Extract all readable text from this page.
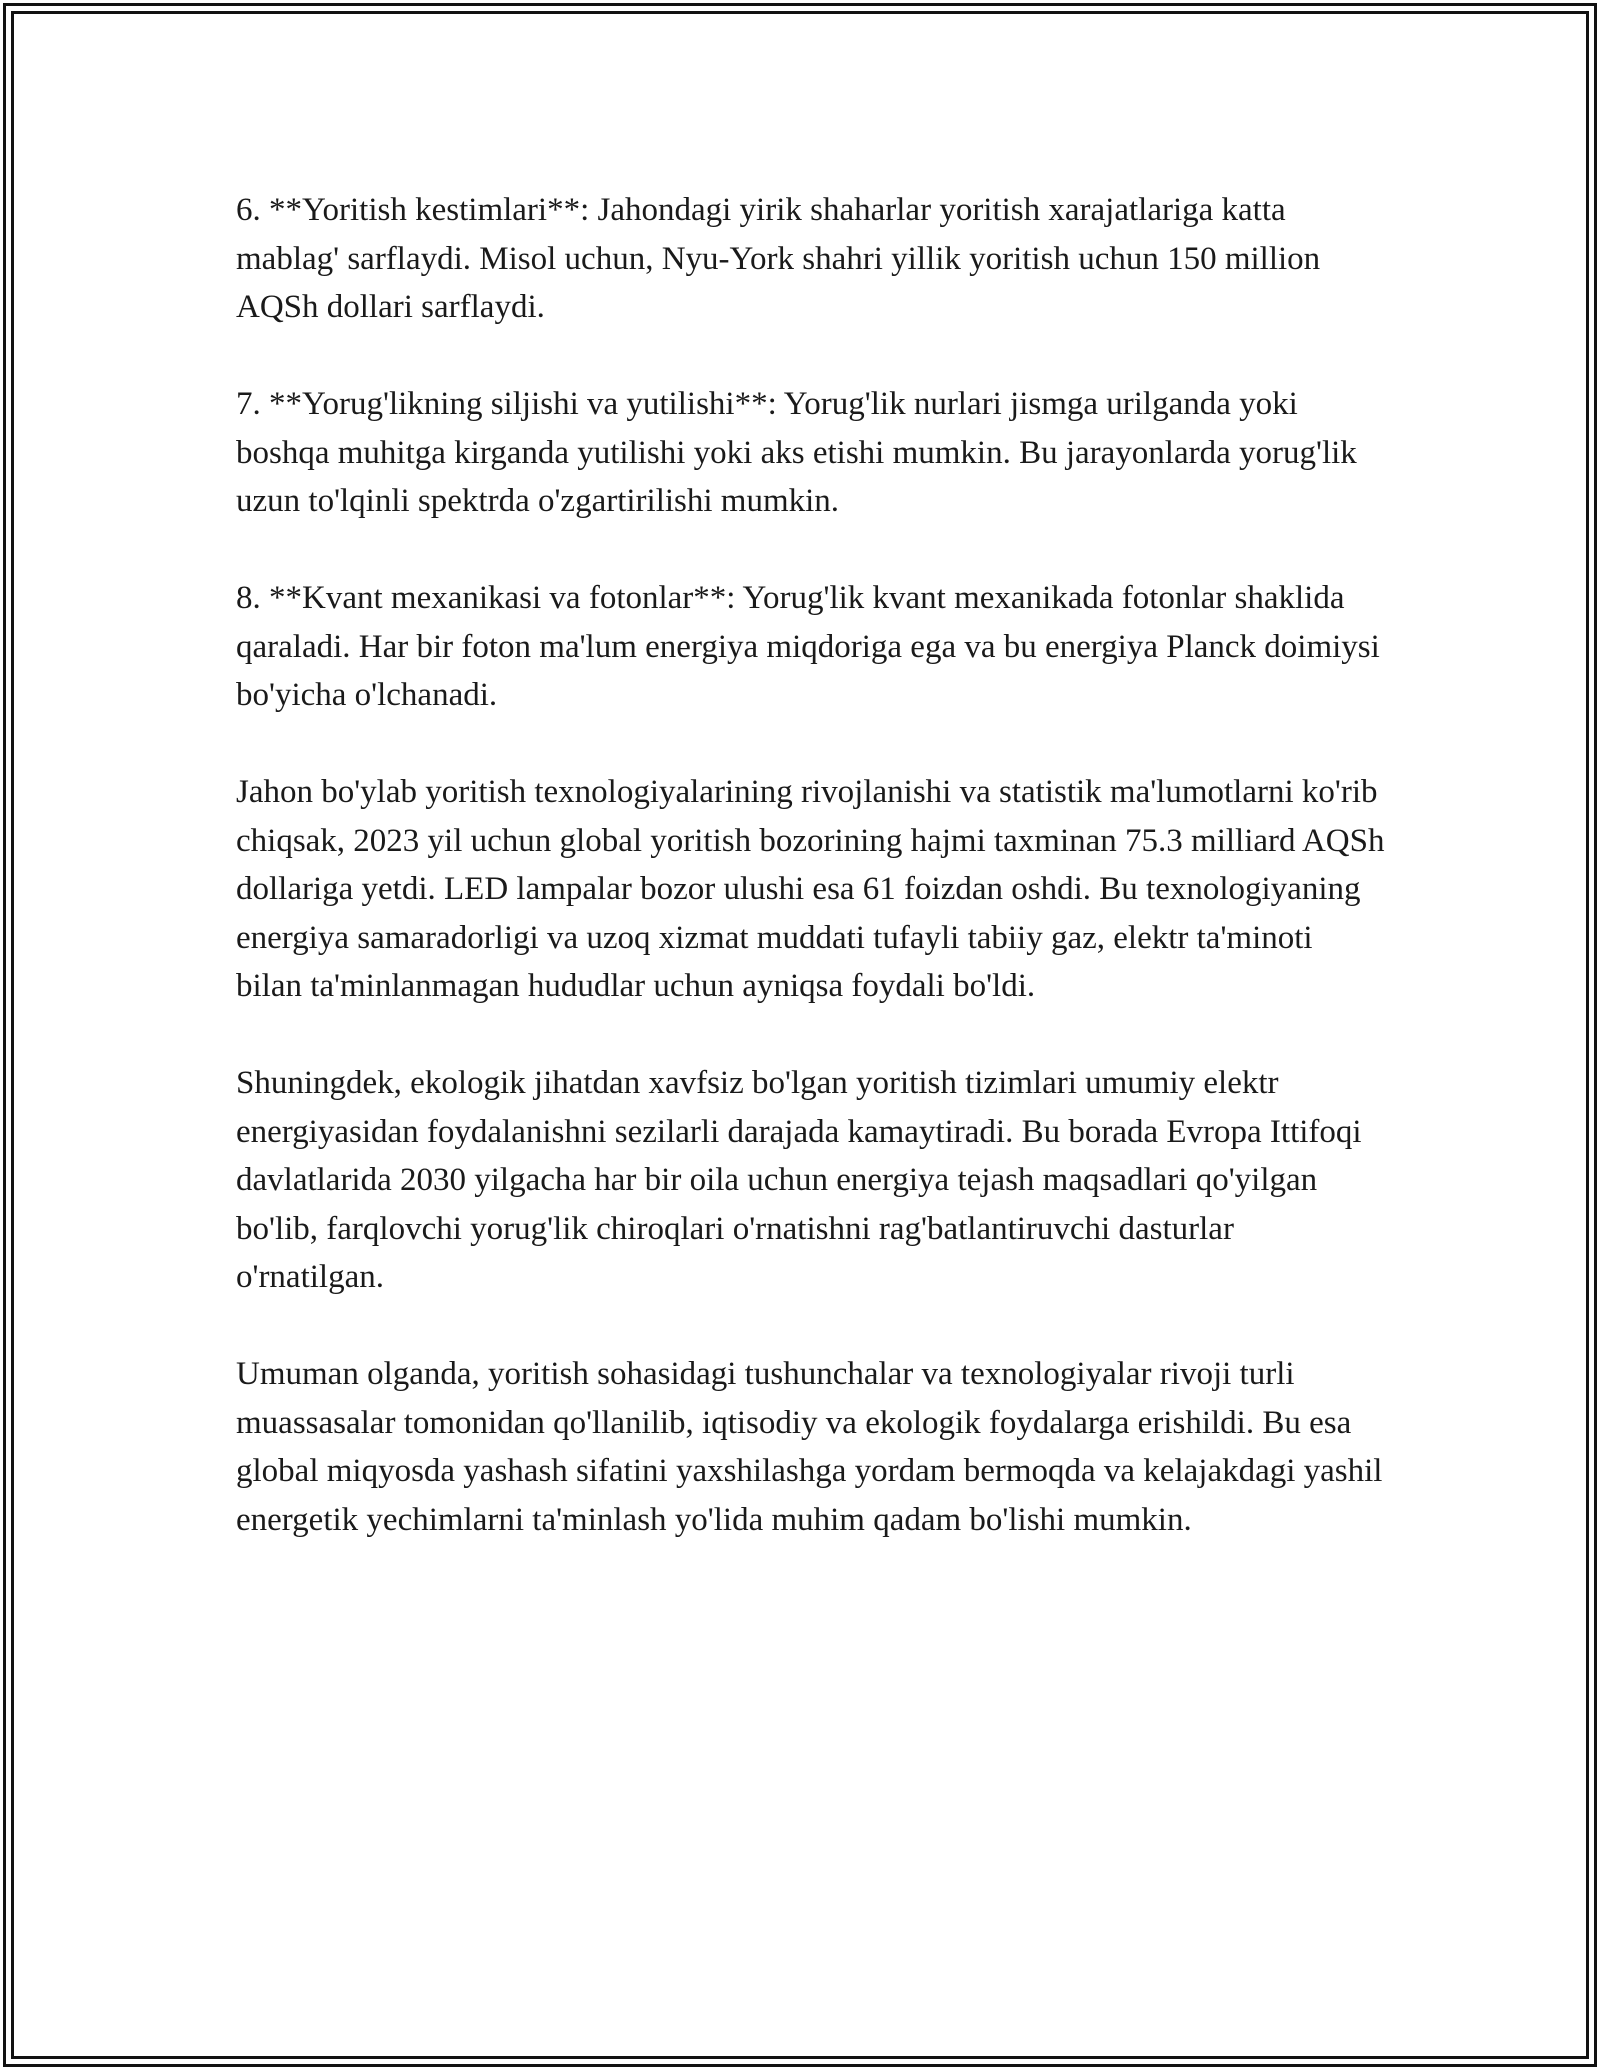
6. **Yoritish kestimlari**: Jahondagi yirik shaharlar yoritish xarajatlariga katta mablag' sarflaydi. Misol uchun, Nyu-York shahri yillik yoritish uchun 150 million AQSh dollari sarflaydi.

7. **Yorug'likning siljishi va yutilishi**: Yorug'lik nurlari jismga urilganda yoki boshqa muhitga kirganda yutilishi yoki aks etishi mumkin. Bu jarayonlarda yorug'lik uzun to'lqinli spektrda o'zgartirilishi mumkin.

8. **Kvant mexanikasi va fotonlar**: Yorug'lik kvant mexanikada fotonlar shaklida qaraladi. Har bir foton ma'lum energiya miqdoriga ega va bu energiya Planck doimiysi bo'yicha o'lchanadi.

Jahon bo'ylab yoritish texnologiyalarining rivojlanishi va statistik ma'lumotlarni ko'rib chiqsak, 2023 yil uchun global yoritish bozorining hajmi taxminan 75.3 milliard AQSh dollariga yetdi. LED lampalar bozor ulushi esa 61 foizdan oshdi. Bu texnologiyaning energiya samaradorligi va uzoq xizmat muddati tufayli tabiiy gaz, elektr ta'minoti bilan ta'minlanmagan hududlar uchun ayniqsa foydali bo'ldi.

Shuningdek, ekologik jihatdan xavfsiz bo'lgan yoritish tizimlari umumiy elektr energiyasidan foydalanishni sezilarli darajada kamaytiradi. Bu borada Evropa Ittifoqi davlatlarida 2030 yilgacha har bir oila uchun energiya tejash maqsadlari qo'yilgan bo'lib, farqlovchi yorug'lik chiroqlari o'rnatishni rag'batlantiruvchi dasturlar o'rnatilgan.

Umuman olganda, yoritish sohasidagi tushunchalar va texnologiyalar rivoji turli muassasalar tomonidan qo'llanilib, iqtisodiy va ekologik foydalarga erishildi. Bu esa global miqyosda yashash sifatini yaxshilashga yordam bermoqda va kelajakdagi yashil energetik yechimlarni ta'minlash yo'lida muhim qadam bo'lishi mumkin.
